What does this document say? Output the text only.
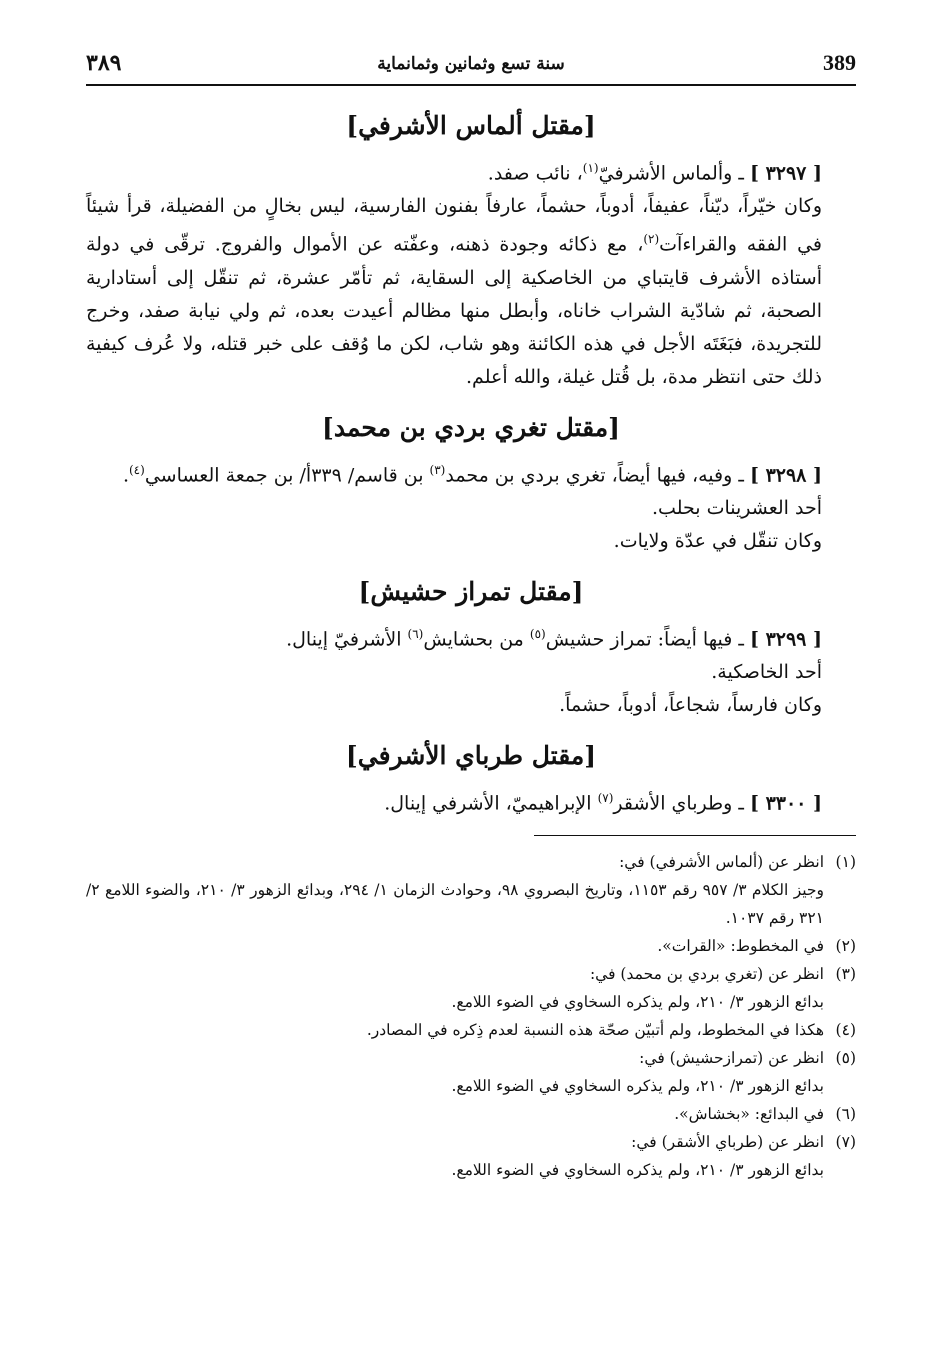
389
سنة تسع وثمانين وثمانماية
٣٨٩
[مقتل ألماس الأشرفي]

[ ٣٢٩٧ ] ـ وألماس الأشرفيّ$^{(١)}$، نائب صفد.

وكان خيّراً، ديّناً، عفيفاً، أدوباً، حشماً، عارفاً بفنون الفارسية، ليس بخالٍ من الفضيلة، قرأ شيئاً في الفقه والقراءآت$^{(٢)}$، مع ذكائه وجودة ذهنه، وعفّته عن الأموال والفروج. ترقّى في دولة أستاذه الأشرف قايتباي من الخاصكية إلى السقاية، ثم تأمّر عشرة، ثم تنقّل إلى أستادارية الصحبة، ثم شادّية الشراب خاناه، وأبطل منها مظالم أعيدت بعده، ثم ولي نيابة صفد، وخرج للتجريدة، فبَغَتَه الأجل في هذه الكائنة وهو شاب، لكن ما وُقف على خبر قتله، ولا عُرف كيفية ذلك حتى انتظر مدة، بل قُتل غيلة، والله أعلم.

[مقتل تغري بردي بن محمد]

[ ٣٢٩٨ ] ـ وفيه، فيها أيضاً، تغري بردي بن محمد$^{(٣)}$ بن قاسم/ ٣٣٩أ/ بن جمعة العساسي$^{(٤)}$.

أحد العشرينات بحلب.

وكان تنقّل في عدّة ولايات.

[مقتل تمراز حشيش]

[ ٣٢٩٩ ] ـ فيها أيضاً: تمراز حشيش$^{(٥)}$ من بحشايش$^{(٦)}$ الأشرفيّ إينال.

أحد الخاصكية.

وكان فارساً، شجاعاً، أدوباً، حشماً.

[مقتل طرباي الأشرفي]

[ ٣٣٠٠ ] ـ وطرباي الأشقر$^{(٧)}$ الإبراهيميّ، الأشرفي إينال.

(١)انظر عن (ألماس الأشرفي) في:

وجيز الكلام ٣/ ٩٥٧ رقم ١١٥٣، وتاريخ البصروي ٩٨، وحوادث الزمان ١/ ٢٩٤، وبدائع الزهور ٣/ ٢١٠، والضوء اللامع ٢/ ٣٢١ رقم ١٠٣٧.

(٢)في المخطوط: «القرات».

(٣)انظر عن (تغري بردي بن محمد) في:

بدائع الزهور ٣/ ٢١٠، ولم يذكره السخاوي في الضوء اللامع.

(٤)هكذا في المخطوط، ولم أتبيّن صحّة هذه النسبة لعدم ذِكره في المصادر.

(٥)انظر عن (تمرازحشيش) في:

بدائع الزهور ٣/ ٢١٠، ولم يذكره السخاوي في الضوء اللامع.

(٦)في البدائع: «بخشاش».

(٧)انظر عن (طرباي الأشقر) في:

بدائع الزهور ٣/ ٢١٠، ولم يذكره السخاوي في الضوء اللامع.
